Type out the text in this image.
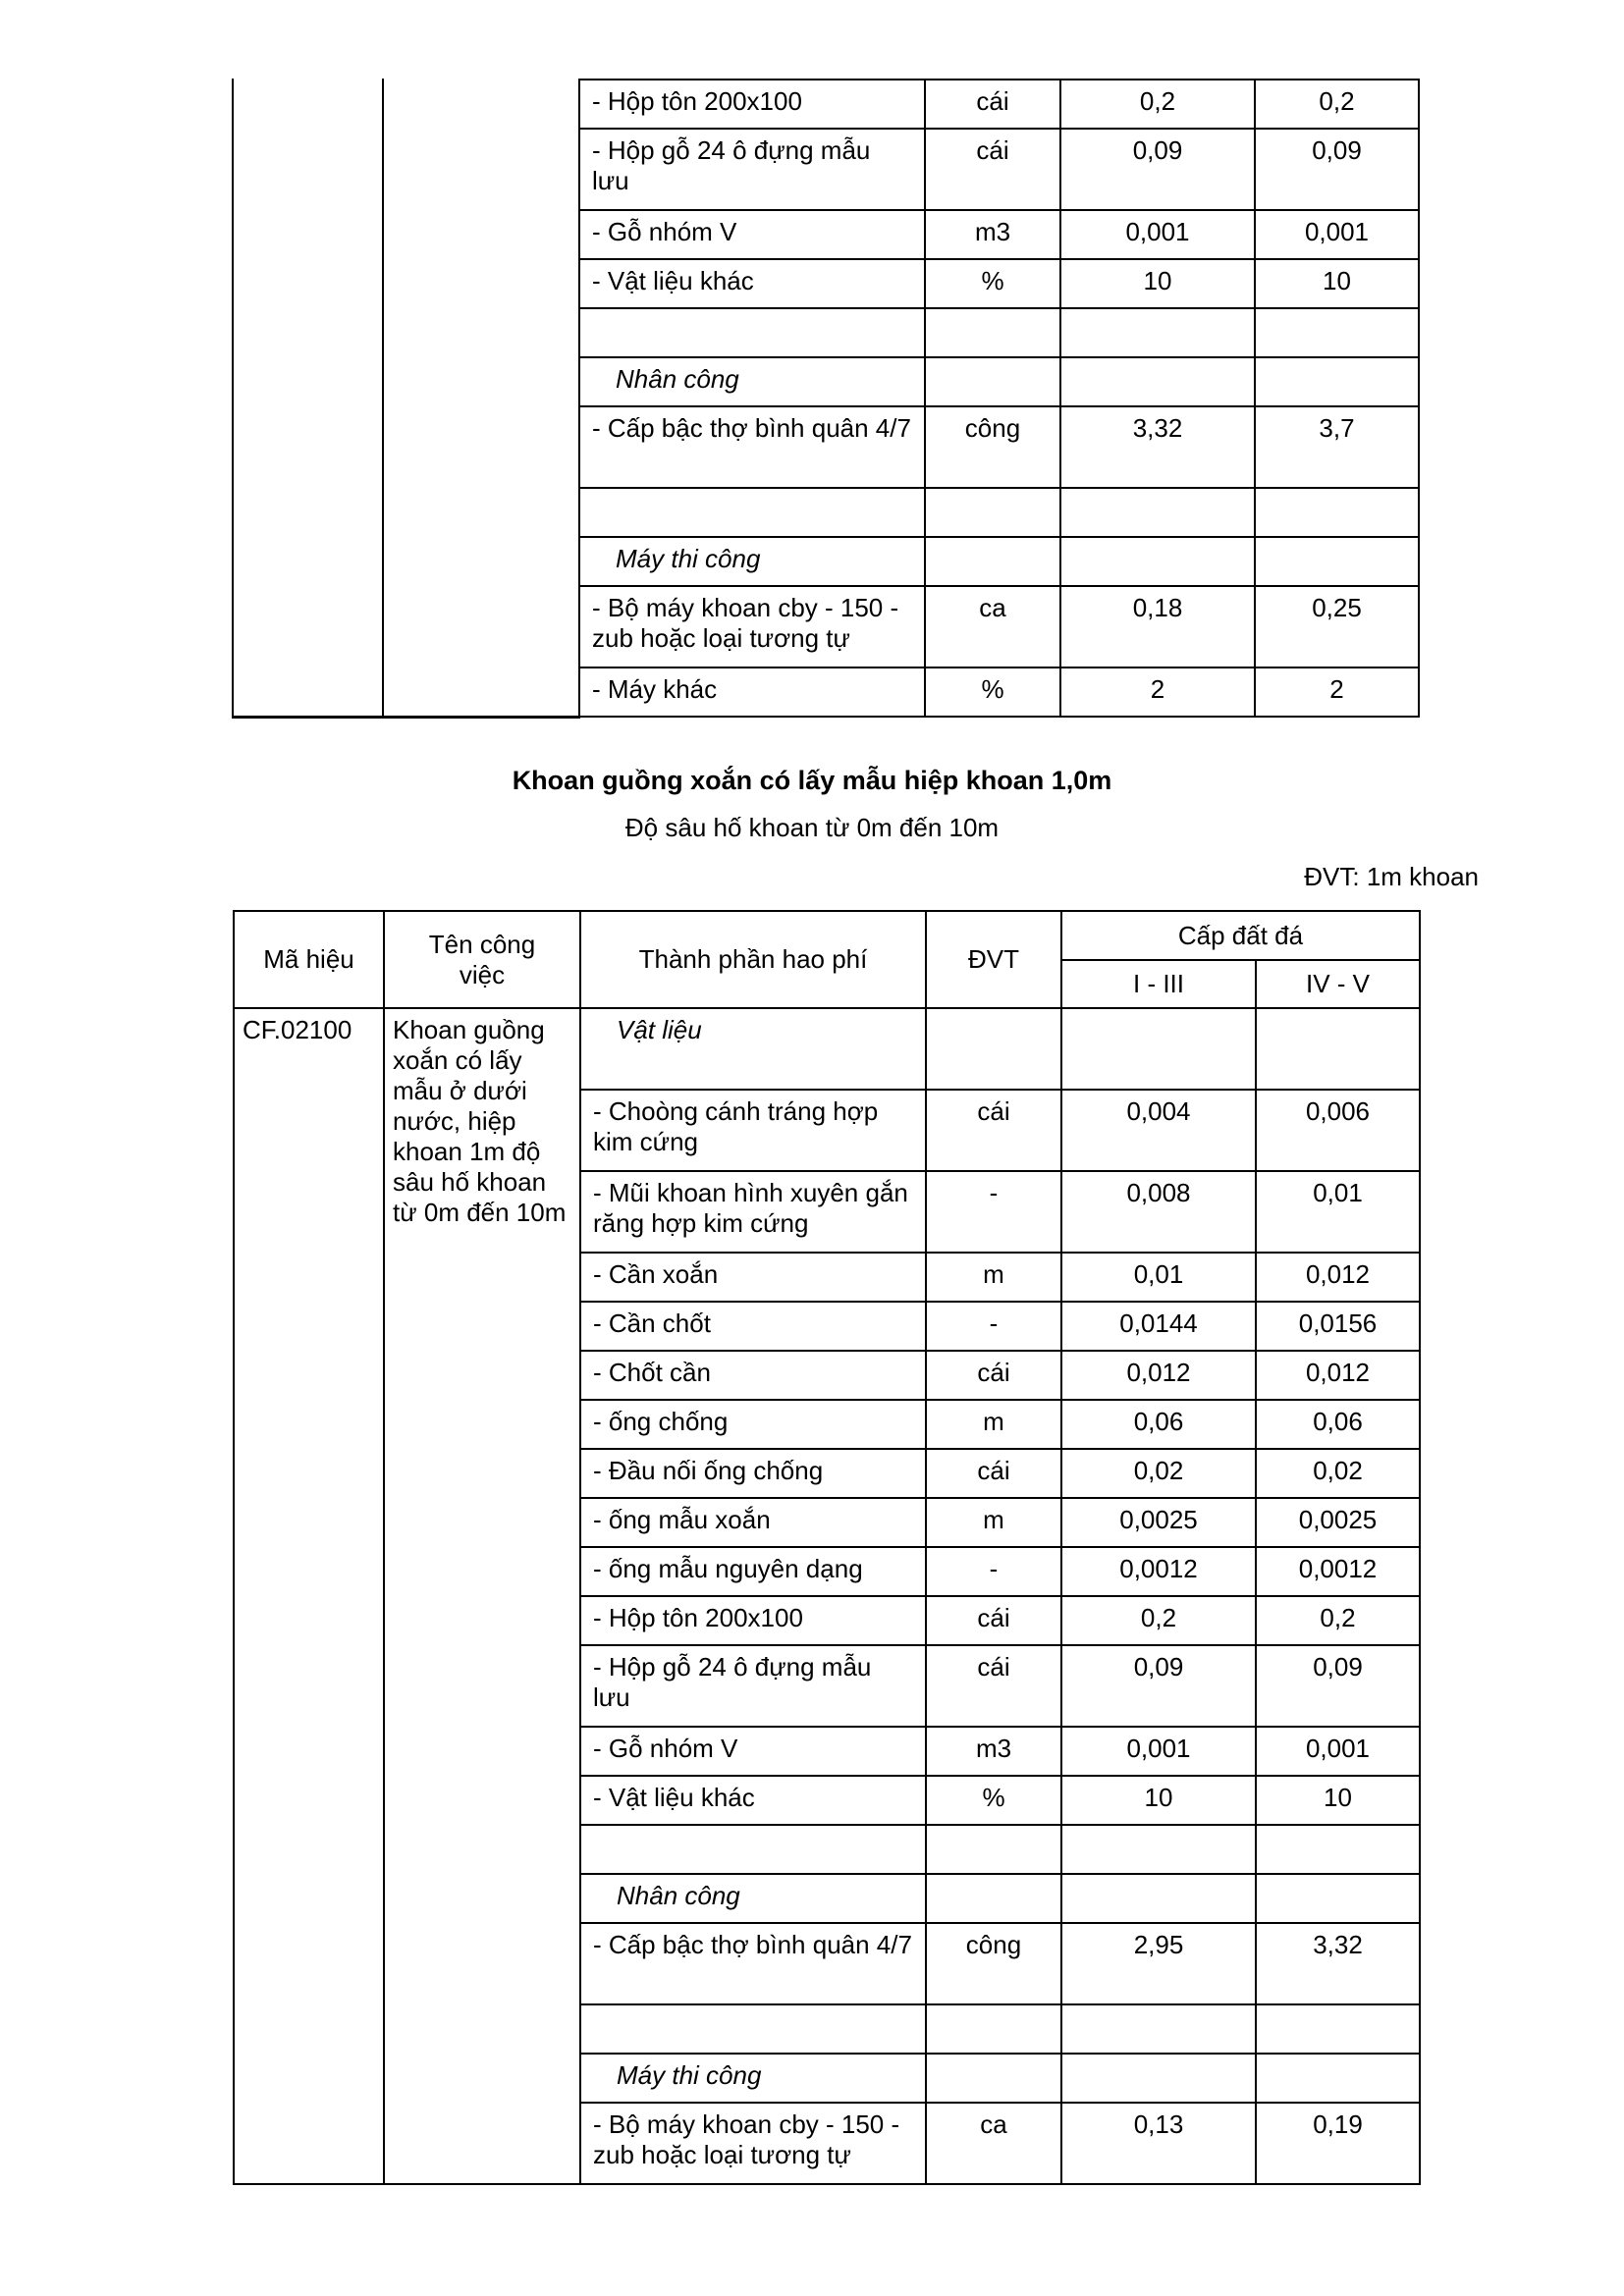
		- Hộp tôn 200x100	cái	0,2	0,2
		- Hộp gỗ 24 ô đựng mẫu lưu	cái	0,09	0,09
		- Gỗ nhóm V	m3	0,001	0,001
		- Vật liệu khác	%	10	10

		Nhân công			
		- Cấp bậc thợ bình quân 4/7	công	3,32	3,7

		Máy thi công			
		- Bộ máy khoan cby - 150 - zub hoặc loại tương tự	ca	0,18	0,25
		- Máy khác	%	2	2
Khoan guồng xoắn có lấy mẫu hiệp khoan 1,0m
Độ sâu hố khoan từ 0m đến 10m
ĐVT: 1m khoan
Mã hiệu	Tên công việc	Thành phần hao phí	ĐVT	Cấp đất đá	
				I - III	IV - V
CF.02100	Khoan guồng xoắn có lấy mẫu ở dưới nước, hiệp khoan 1m độ sâu hố khoan từ 0m đến 10m	Vật liệu			
		- Choòng cánh tráng hợp kim cứng	cái	0,004	0,006
		- Mũi khoan hình xuyên gắn răng hợp kim cứng	-	0,008	0,01
		- Cần xoắn	m	0,01	0,012
		- Cần chốt	-	0,0144	0,0156
		- Chốt cần	cái	0,012	0,012
		- ống chống	m	0,06	0,06
		- Đầu nối ống chống	cái	0,02	0,02
		- ống mẫu xoắn	m	0,0025	0,0025
		- ống mẫu nguyên dạng	-	0,0012	0,0012
		- Hộp tôn 200x100	cái	0,2	0,2
		- Hộp gỗ 24 ô đựng mẫu lưu	cái	0,09	0,09
		- Gỗ nhóm V	m3	0,001	0,001
		- Vật liệu khác	%	10	10

		Nhân công			
		- Cấp bậc thợ bình quân 4/7	công	2,95	3,32

		Máy thi công			
		- Bộ máy khoan cby - 150 - zub hoặc loại tương tự	ca	0,13	0,19
